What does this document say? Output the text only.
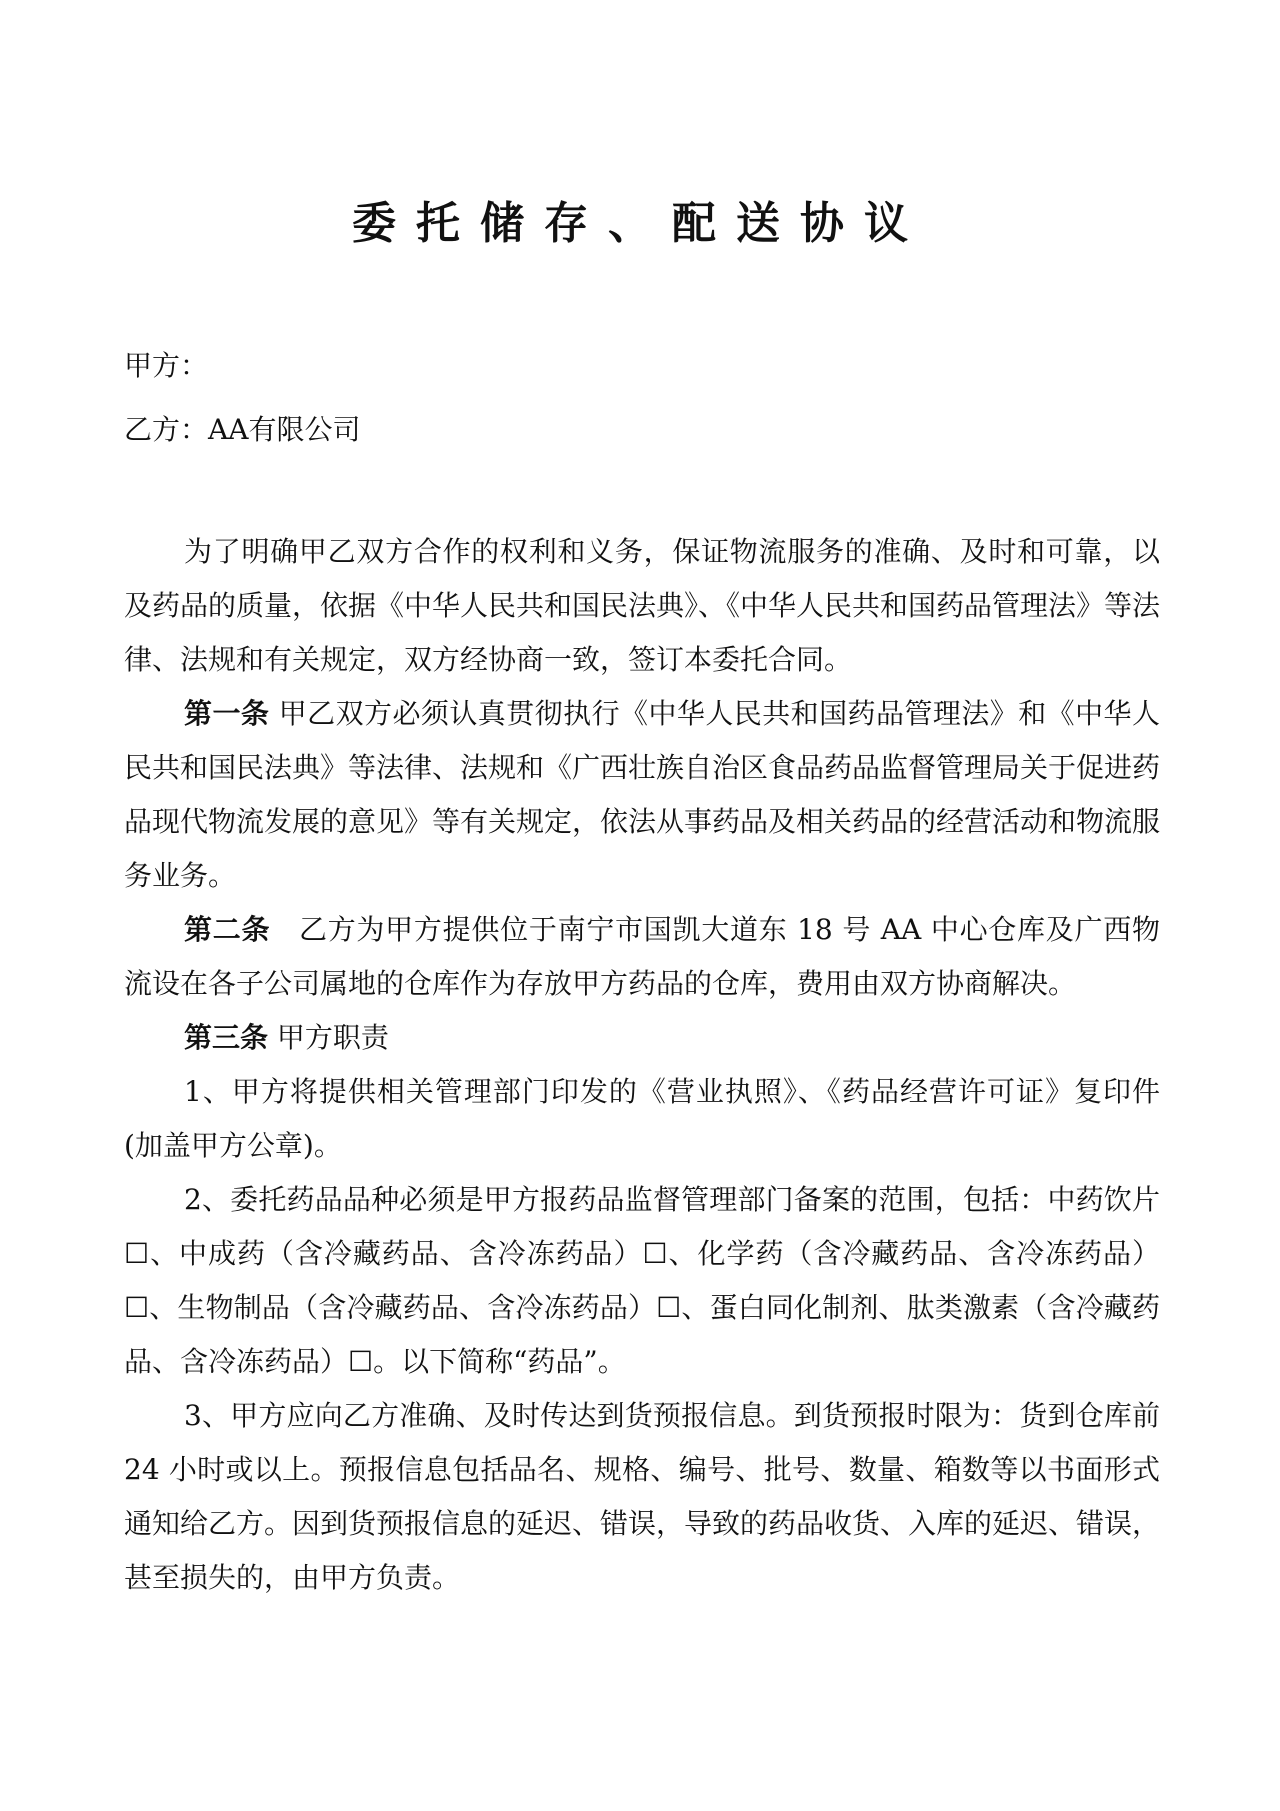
委托储存、配送协议

甲方：

乙方：AA有限公司

为了明确甲乙双方合作的权利和义务，保证物流服务的准确、及时和可靠，以及药品的质量，依据《中华人民共和国民法典》、《中华人民共和国药品管理法》等法律、法规和有关规定，双方经协商一致，签订本委托合同。

第一条 甲乙双方必须认真贯彻执行《中华人民共和国药品管理法》和《中华人民共和国民法典》等法律、法规和《广西壮族自治区食品药品监督管理局关于促进药品现代物流发展的意见》等有关规定，依法从事药品及相关药品的经营活动和物流服务业务。

第二条　乙方为甲方提供位于南宁市国凯大道东 18 号 AA 中心仓库及广西物流设在各子公司属地的仓库作为存放甲方药品的仓库，费用由双方协商解决。

第三条 甲方职责

1、甲方将提供相关管理部门印发的《营业执照》、《药品经营许可证》复印件(加盖甲方公章)。

2、委托药品品种必须是甲方报药品监督管理部门备案的范围，包括：中药饮片☐、中成药（含冷藏药品、含冷冻药品）☐、化学药（含冷藏药品、含冷冻药品）☐、生物制品（含冷藏药品、含冷冻药品）☐、蛋白同化制剂、肽类激素（含冷藏药品、含冷冻药品）☐。以下简称“药品”。

3、甲方应向乙方准确、及时传达到货预报信息。到货预报时限为：货到仓库前 24 小时或以上。预报信息包括品名、规格、编号、批号、数量、箱数等以书面形式通知给乙方。因到货预报信息的延迟、错误，导致的药品收货、入库的延迟、错误，甚至损失的，由甲方负责。
